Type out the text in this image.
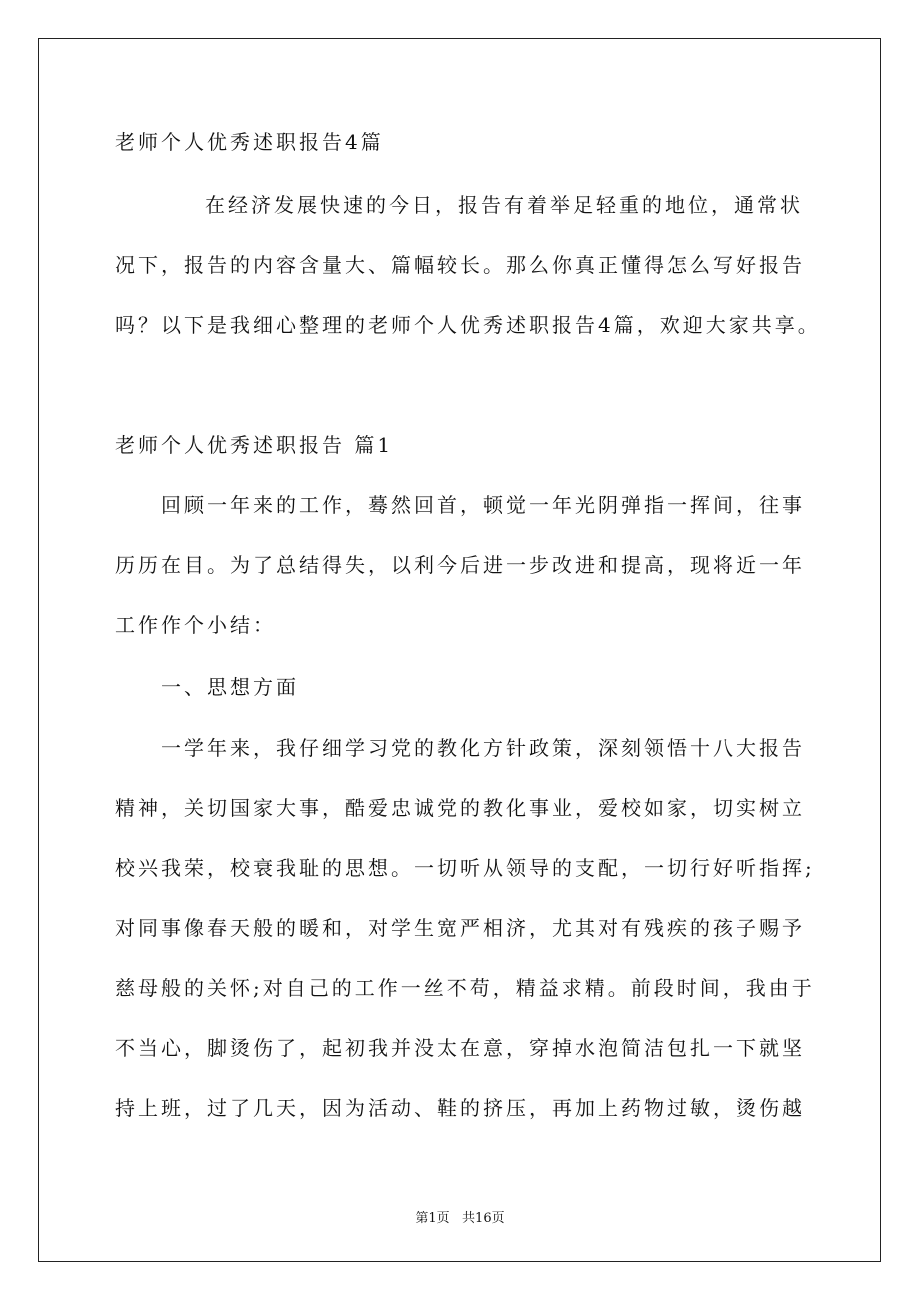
老师个人优秀述职报告4篇
在经济发展快速的今日，报告有着举足轻重的地位，通常状
况下，报告的内容含量大、篇幅较长。那么你真正懂得怎么写好报告
吗？以下是我细心整理的老师个人优秀述职报告4篇，欢迎大家共享。
老师个人优秀述职报告 篇1
回顾一年来的工作，蓦然回首，顿觉一年光阴弹指一挥间，往事
历历在目。为了总结得失，以利今后进一步改进和提高，现将近一年
工作作个小结：
一、思想方面
一学年来，我仔细学习党的教化方针政策，深刻领悟十八大报告
精神，关切国家大事，酷爱忠诚党的教化事业，爱校如家，切实树立
校兴我荣，校衰我耻的思想。一切听从领导的支配，一切行好听指挥;
对同事像春天般的暖和，对学生宽严相济，尤其对有残疾的孩子赐予
慈母般的关怀;对自己的工作一丝不苟，精益求精。前段时间，我由于
不当心，脚烫伤了，起初我并没太在意，穿掉水泡简洁包扎一下就坚
持上班，过了几天，因为活动、鞋的挤压，再加上药物过敏，烫伤越
第1页   共16页
